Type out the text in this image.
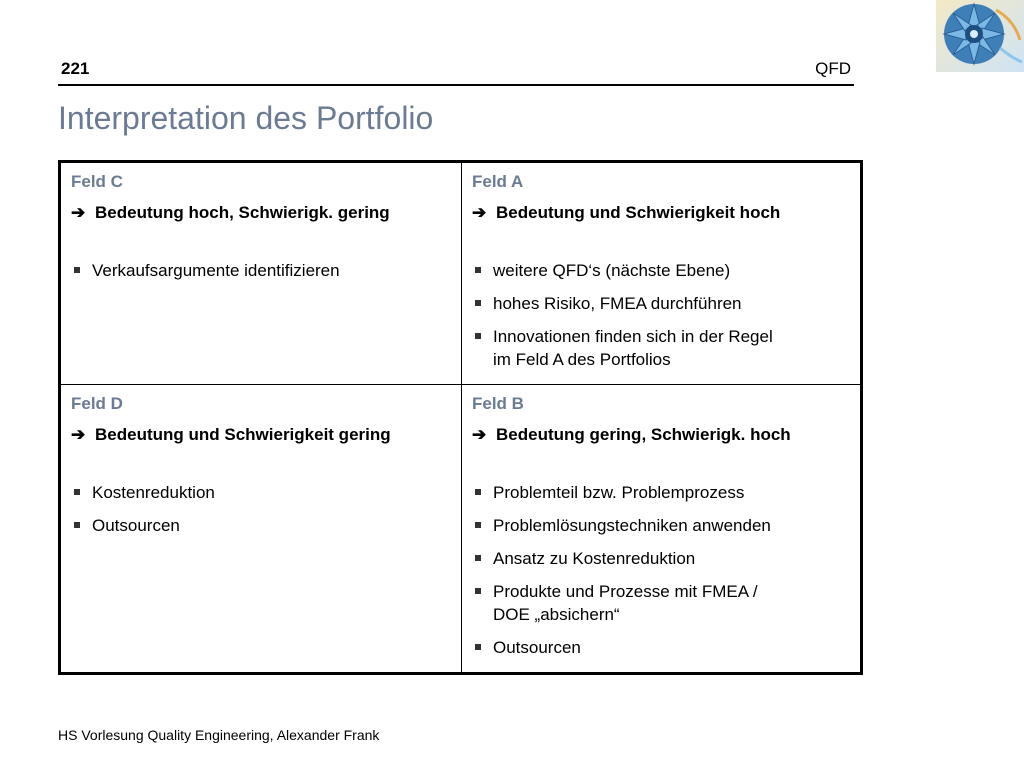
221	QFD
Interpretation des Portfolio
Feld C
➔ Bedeutung hoch, Schwierigk. gering
Verkaufsargumente identifizieren
Feld A
➔ Bedeutung und Schwierigkeit hoch
weitere QFD‘s (nächste Ebene)
hohes Risiko, FMEA durchführen
Innovationen finden sich in der Regel
im Feld A des Portfolios
Feld D
➔ Bedeutung und Schwierigkeit gering
Kostenreduktion
Outsourcen
Feld B
➔ Bedeutung gering, Schwierigk. hoch
Problemteil bzw. Problemprozess
Problemlösungstechniken anwenden
Ansatz zu Kostenreduktion
Produkte und Prozesse mit FMEA /
DOE „absichern“
Outsourcen
HS Vorlesung Quality Engineering, Alexander Frank
